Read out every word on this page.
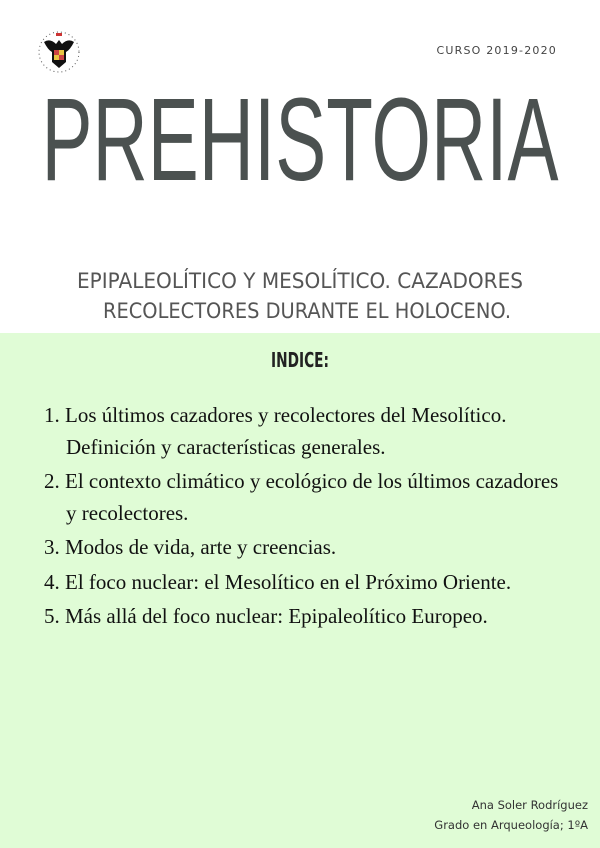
CURSO 2019-2020
PREHISTORIA
EPIPALEOLÍTICO Y MESOLÍTICO. CAZADORES
RECOLECTORES DURANTE EL HOLOCENO.
INDICE:
1. Los últimos cazadores y recolectores del Mesolítico. Definición y características generales.
2. El contexto climático y ecológico de los últimos cazadores y recolectores.
3. Modos de vida, arte y creencias.
4. El foco nuclear: el Mesolítico en el Próximo Oriente.
5. Más allá del foco nuclear: Epipaleolítico Europeo.
Ana Soler Rodríguez
Grado en Arqueología; 1ºA
